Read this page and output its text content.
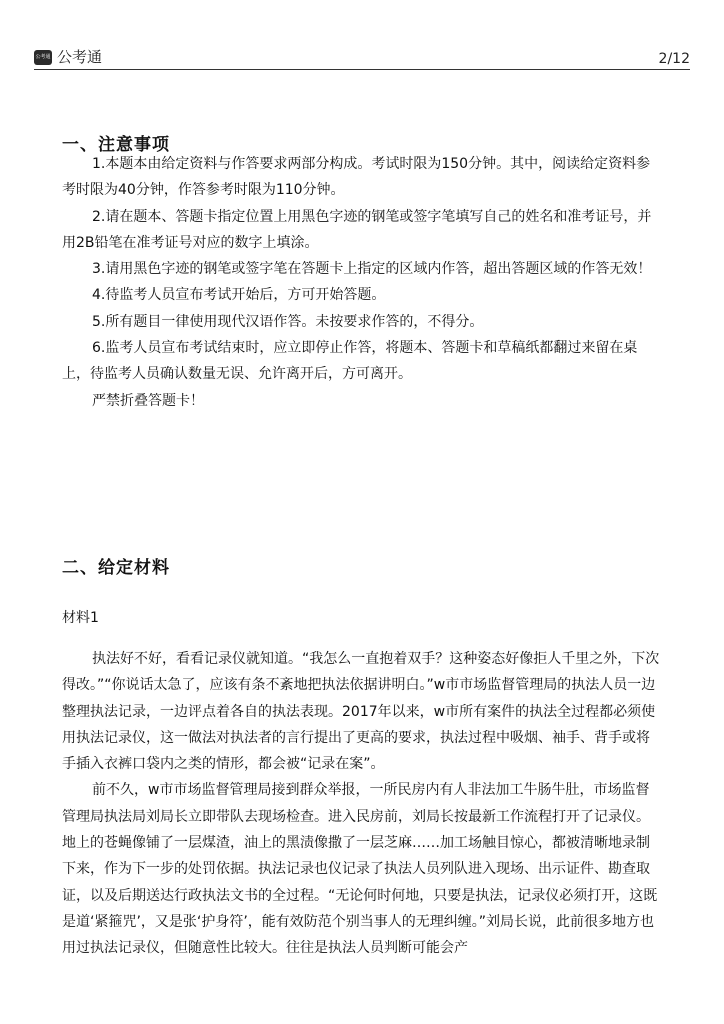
公考通 公考通	2/12
一、注意事项

1.本题本由给定资料与作答要求两部分构成。考试时限为150分钟。其中，阅读给定资料参考时限为40分钟，作答参考时限为110分钟。

2.请在题本、答题卡指定位置上用黑色字迹的钢笔或签字笔填写自己的姓名和准考证号，并用2B铅笔在准考证号对应的数字上填涂。

3.请用黑色字迹的钢笔或签字笔在答题卡上指定的区域内作答，超出答题区域的作答无效！

4.待监考人员宣布考试开始后，方可开始答题。

5.所有题目一律使用现代汉语作答。未按要求作答的，不得分。

6.监考人员宣布考试结束时，应立即停止作答，将题本、答题卡和草稿纸都翻过来留在桌上，待监考人员确认数量无误、允许离开后，方可离开。

严禁折叠答题卡！

二、给定材料
材料1

执法好不好，看看记录仪就知道。“我怎么一直抱着双手？这种姿态好像拒人千里之外，下次得改。”“你说话太急了，应该有条不紊地把执法依据讲明白。”w市市场监督管理局的执法人员一边整理执法记录，一边评点着各自的执法表现。2017年以来，w市所有案件的执法全过程都必须使用执法记录仪，这一做法对执法者的言行提出了更高的要求，执法过程中吸烟、袖手、背手或将手插入衣裤口袋内之类的情形，都会被“记录在案”。

前不久，w市市场监督管理局接到群众举报，一所民房内有人非法加工牛肠牛肚，市场监督管理局执法局刘局长立即带队去现场检查。进入民房前，刘局长按最新工作流程打开了记录仪。地上的苍蝇像铺了一层煤渣，油上的黑渍像撒了一层芝麻……加工场触目惊心，都被清晰地录制下来，作为下一步的处罚依据。执法记录也仪记录了执法人员列队进入现场、出示证件、勘查取证，以及后期送达行政执法文书的全过程。“无论何时何地，只要是执法，记录仪必须打开，这既是道‘紧箍咒’，又是张‘护身符’，能有效防范个别当事人的无理纠缠。”刘局长说，此前很多地方也用过执法记录仪，但随意性比较大。往往是执法人员判断可能会产
